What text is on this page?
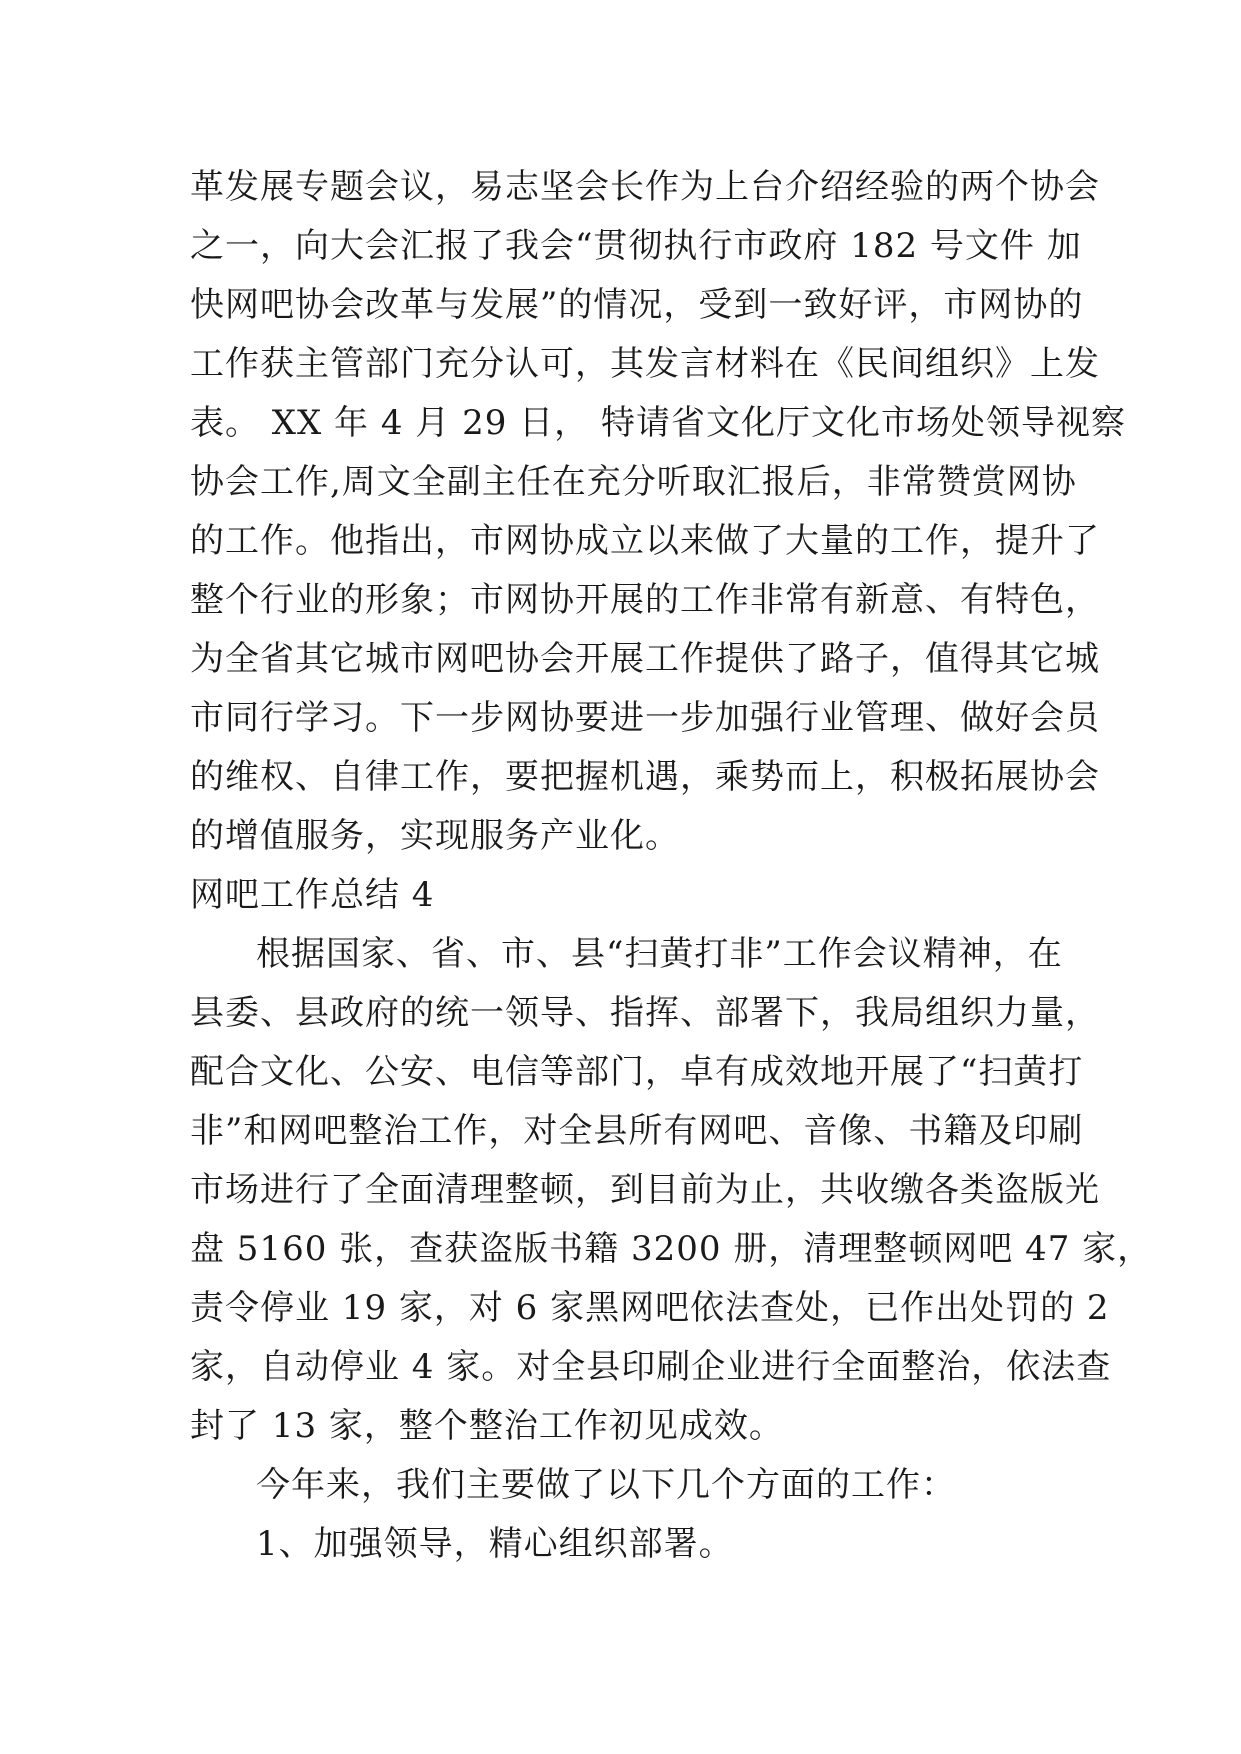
革发展专题会议，易志坚会长作为上台介绍经验的两个协会
之一，向大会汇报了我会“贯彻执行市政府 182 号文件 加
快网吧协会改革与发展”的情况，受到一致好评，市网协的
工作获主管部门充分认可，其发言材料在《民间组织》上发
表。 XX 年 4 月 29 日， 特请省文化厅文化市场处领导视察
协会工作,周文全副主任在充分听取汇报后，非常赞赏网协
的工作。他指出，市网协成立以来做了大量的工作，提升了
整个行业的形象；市网协开展的工作非常有新意、有特色，
为全省其它城市网吧协会开展工作提供了路子，值得其它城
市同行学习。下一步网协要进一步加强行业管理、做好会员
的维权、自律工作，要把握机遇，乘势而上，积极拓展协会
的增值服务，实现服务产业化。
网吧工作总结 4
根据国家、省、市、县“扫黄打非”工作会议精神，在
县委、县政府的统一领导、指挥、部署下，我局组织力量，
配合文化、公安、电信等部门，卓有成效地开展了“扫黄打
非”和网吧整治工作，对全县所有网吧、音像、书籍及印刷
市场进行了全面清理整顿，到目前为止，共收缴各类盗版光
盘 5160 张，查获盗版书籍 3200 册，清理整顿网吧 47 家，
责令停业 19 家，对 6 家黑网吧依法查处，已作出处罚的 2
家，自动停业 4 家。对全县印刷企业进行全面整治，依法查
封了 13 家，整个整治工作初见成效。
今年来，我们主要做了以下几个方面的工作：
1、加强领导，精心组织部署。
